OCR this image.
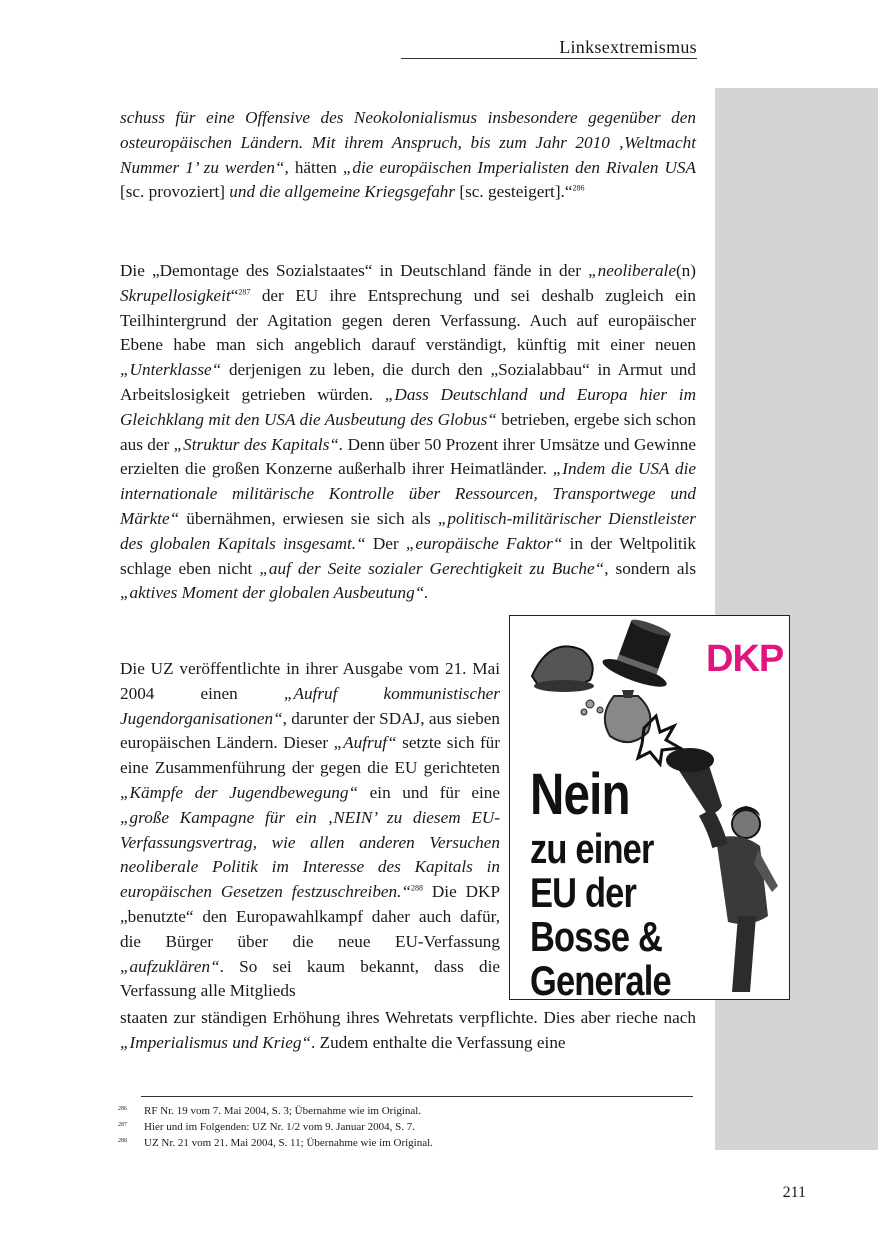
Linksextremismus

schuss für eine Offensive des Neokolonialismus insbesondere gegenüber den osteuropäischen Ländern. Mit ihrem Anspruch, bis zum Jahr 2010 ‚Weltmacht Nummer 1’ zu werden“, hätten „die europäischen Imperialisten den Rivalen USA [sc. provoziert] und die allgemeine Kriegsgefahr [sc. gesteigert].“$^{286}$

Die „Demontage des Sozialstaates“ in Deutschland fände in der „neoliberale(n) Skrupellosigkeit“$^{287}$ der EU ihre Entsprechung und sei deshalb zugleich ein Teilhintergrund der Agitation gegen deren Verfassung. Auch auf europäischer Ebene habe man sich angeblich darauf verständigt, künftig mit einer neuen „Unterklasse“ derjenigen zu leben, die durch den „Sozialabbau“ in Armut und Arbeitslosigkeit getrieben würden. „Dass Deutschland und Europa hier im Gleichklang mit den USA die Ausbeutung des Globus“ betrieben, ergebe sich schon aus der „Struktur des Kapitals“. Denn über 50 Prozent ihrer Umsätze und Gewinne erzielten die großen Konzerne außerhalb ihrer Heimatländer. „Indem die USA die internationale militärische Kontrolle über Ressourcen, Transportwege und Märkte“ übernähmen, erwiesen sie sich als „politisch-militärischer Dienstleister des globalen Kapitals insgesamt.“ Der „europäische Faktor“ in der Weltpolitik schlage eben nicht „auf der Seite sozialer Gerechtigkeit zu Buche“, sondern als „aktives Moment der globalen Ausbeutung“.

Die UZ veröffentlichte in ihrer Ausgabe vom 21. Mai 2004 einen „Aufruf kommunistischer Jugendorganisationen“, darunter der SDAJ, aus sieben europäischen Ländern. Dieser „Aufruf“ setzte sich für eine Zusammenführung der gegen die EU gerichteten „Kämpfe der Jugendbewegung“ ein und für eine „große Kampagne für ein ‚NEIN’ zu diesem EU-Verfassungsvertrag, wie allen anderen Versuchen neoliberale Politik im Interesse des Kapitals in europäischen Gesetzen festzuschreiben.“$^{288}$ Die DKP „benutzte“ den Europawahlkampf daher auch dafür, die Bürger über die neue EU-Verfassung „aufzuklären“. So sei kaum bekannt, dass die Verfassung alle Mitglieds

staaten zur ständigen Erhöhung ihres Wehretats verpflichte. Dies aber rieche nach „Imperialismus und Krieg“. Zudem enthalte die Verfassung eine

DKP
Nein
zu einer
EU der
Bosse &
Generale
286	RF Nr. 19 vom 7. Mai 2004, S. 3; Übernahme wie im Original.
287	Hier und im Folgenden: UZ Nr. 1/2 vom 9. Januar 2004, S. 7.
288	UZ Nr. 21 vom 21. Mai 2004, S. 11; Übernahme wie im Original.
211
